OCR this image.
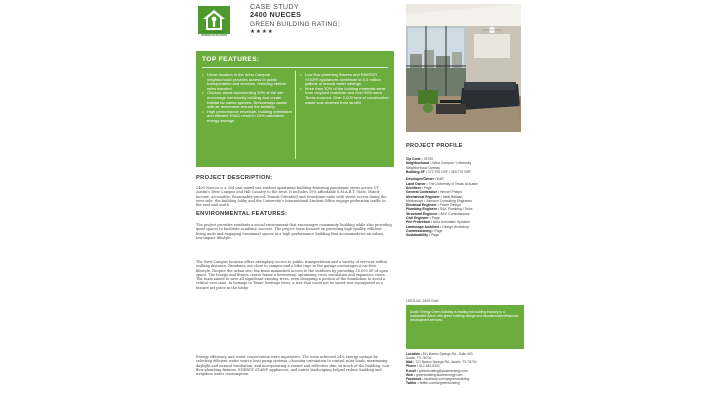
AUSTIN ENERGY
GREEN BUILDING
CASE STUDY
2400 NUECES
GREEN BUILDING RATING:
★★★★
TOP FEATURES:
• Urban location in the West Campus neighborhood provides access to public transportation and services, reducing vehicle miles traveled
• Outdoor areas representing 30% of the site encourage community building and create habitat for native species. Breezeways assist with air movement around the building
• High performance envelope, building orientation and efficient HVAC result in 24% calculated energy savings
• Low flow plumbing fixtures and ENERGY STAR® appliances contribute to 5.5 million gallons of annual water savings
• More than 30% of the building materials were from recycled materials and over 56% were Texas sourced. Over 2,000 tons of construction waste was diverted from landfill
PROJECT DESCRIPTION:

2400 Nueces is a 304 unit mixed-use student apartment building featuring panoramic views across UT Austin's West Campus and Hill Country to the west. It includes 10% affordable S.M.A.R.T. (Safe, Mixed-income, Accessible, Reasonably-priced, Transit-Oriented) and townhome units with street access lining the west side; the building lobby and the University's International Student Office engage pedestrian traffic to the east and south.

ENVIRONMENTAL FEATURES:

The project provides residents a social environment that encourages community building while also providing quiet spaces to facilitate academic success. The project team focused on providing high-quality, efficient living units and engaging communal spaces in a high performance building that accommodates an urban, low-impact lifestyle.

The West Campus location offers exemplary access to public transportation and a variety of services within walking distance. Residents use close to campus and a bike cage in the garage encourages a car-free lifestyle. Despite the urban site, the team maximized access to the outdoors by providing 18,000 SF of open space. The lounge and fitness center frame a breezeway, optimizing cross ventilation and expansive views. The team aimed to save all significant existing trees, even designing a portion of the foundation to avoid a critical root zone. In homage to Texas' heritage trees, a tree that could not be saved was repurposed as a feature art piece in the lobby.

Energy efficiency and water conservation were imperative. The team achieved 24% energy savings by selecting efficient water source heat pump systems, choosing orientation to control solar loads, maximizing daylight and natural ventilation, and incorporating a vented and reflective skin on much of the building. Low flow plumbing fixtures, ENERGY STAR® appliances, and native landscaping helped reduce building and irrigation water consumption.

Casey Dunn
PROJECT PROFILE
Zip Code • 78705
Neighborhood • West Campus / University
Neighborhood Overlay
Building SF • 372,700 GSF / 383,770 NSF
Developer/Owner • EdR
Land Owner • The University of Texas at Austin
Architect • Page
General Contractor • Hensel Phelps
Mechanical Engineer • Ideal Ballaad
Mechanical / Johnson Consulting Engineers
Electrical Engineer • Power Design
Plumbing Engineer • S&K Plumbing / Telos
Structural Engineer • AEC Consultancies
Civil Engineer • Page
Fire Protection • Aero Automatic Sprinkler
Landscape Architect • Design Workshop
Commissioning • Page
Sustainability • Page
LEED-NC 2009 Gold
Austin Energy Green Building is leading the building industry to a sustainable future with green building ratings and educational/professional development services.
Location • 811 Barton Springs Rd., Suite 400
Austin, TX 78704
Mail • 721 Barton Springs Rd., Austin, TX 78704
Phone • 512-482-5300
E-mail • greenbuilding@austinenergy.com
Web • greenbuilding.austinenergy.com
Facebook • facebook.com/aegreenbuilding
Twitter • twitter.com/aegreenbuilding
